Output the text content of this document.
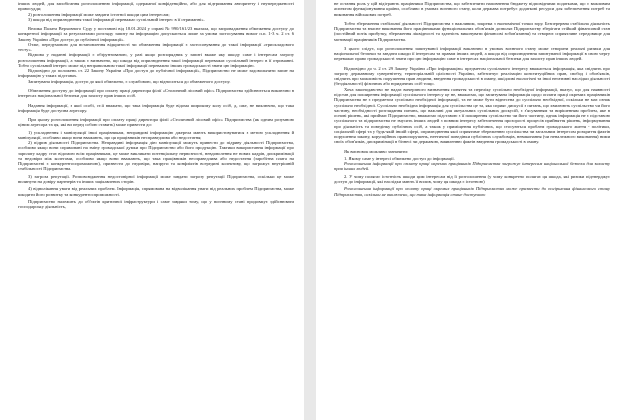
інших людей, для запобігання розголошенню інформації, одержаної конфіденційно, або для підтримання авторитету і неупередженості правосуддя;

2) розголошення інформації може завдати істотної шкоди цим інтересам;

3) шкода від оприлюднення такої інформації переважає суспільний інтерес в її отриманні».

Велика Палата Верховного Суду у постанові від 18.01.2024 у справі № 990/161/23 вказала, що запровадження обмеження доступу до конкретної інформації за результатами розгляду запиту на інформацію допускається лише за умови застосування вимог п.п. 1-3 ч. 2 ст. 6 Закону України «Про доступ до публічної інформації».

Отже, передумовою для встановлення відкритості чи обмеження інформації є застосовування до такої інформації «трискладового тесту».

Відмова у наданні інформації є обґрунтованою, у разі якщо розпорядник у запиті вкаже яку шкоду саме і інтересам загрозу розголошення інформації, а також є визначено, що шкода від оприлюднення такої інформації переважає суспільний інтерес в її отриманні. Тобто суспільний інтерес може під неправильним такої інформації переважно інших громадськості знати цю інформацію.

Відповідно до положень ст. 22 Закону України «Про доступ до публічної інформації», Підприємство не може задовольнити запит на інформацію у таких підставах.

Запитувана інформація, доступ до якої обмежено, є службовою, що відноситься до обмеженого доступу.

Обмеження доступу до інформації про оплату праці директора філії «Столичний лісовий офіс» Підприємства здійснюється виключно в інтересах національної безпеки для захисту прав інших осіб.

Надання інформації, з якої особі, ст.ії вважати, що така інформація буде відома широкому колу осіб, д, оже, не виключно, що така інформація буде доступна агресору.

При цьому розголошення інформації про оплату праці директора філії «Столичний лісовий офіс» Підприємства (як одним розумною ціним агресора та ця, які ви перед собою ставить) може привести до:

1) ускладнення і маніпуляції інші працівникам, неправдиві інформацію джерела мають використовуватися з метою ускладнення й маніпуляції, особливо якщо вони вважають, що ця працівників несправедлива або недостатня;

2) підрив діяльності Підприємства. Неправдиві інформація дію маніпуляції можуть привести до підриву діяльності Підприємства, особливо якщо вони спрямовані на зміну громадської думки про Підприємство або його продукцію. Тактики використання інформації про зарплату кадру стає відомою всім працівникам, це може викликати потенціальну нервозності, невдоволення не нових кадрів, дискримінації та недовіри між колегами, особливо якщо вони вважають, що така працівників несправедлива або недостатня (заробітна плата на Підприємстві є конкурентоспроможною), призвести до недовіри, напруги та конфліктів всередині колективу, що загрожує внутрішній стабільності Підприємства.

3) загроза репутації. Розповсюдження недостовірної інформації може завдати загрозу репутації Підприємства, оскільки це може вплинути на довіру партнерів та інших зацікавлених сторін.

4) відволікання уваги від реальних проблем. Інформація, спрямована на відволікання уваги від реальних проблем Підприємства, може шкодити його розвитку та конкурентоспроможності.

Підприємство належить до об'єктів критичної інфраструктури і саме завдяки тому, що у воєнному стані продовжує здійснювати господарську діяльність,

не остання роль у цій відіграють працівники Підприємства, що забезпечити наповнення бюджету відповідними податками, що є важливим аспектом функціонування країни, особливо в умовах воєнного стану, коли держава потребує додаткові ресурси для забезпечення потреб та виконання військових потреб.

Тобто збереження стабільної діяльності Підприємства є важливим, зокрема з економічної точки зору. Безперервна стабільна діяльність Підприємства та вчасне виконання його працівниками функціональних обов'язків дозволяє Підприємству зберігати стійкий фінансовий стан (постійний потік прибутку, збереження ліквідності та здатність виконувати фінансові зобов'язання) та створює сприятливе середовище для мотивації працівників Підприємства.

З цього слідує, що розголошення запитуваної інформації виключно в умовах воєнного стану може створити реальні ризики для національної безпеки та завдати шкоди її інтересам та правам інших людей, а шкода від оприлюднення запитуваної інформації в свою чергу переважає право громадськості знати про цю інформацію саме в інтересах національної безпеки для захисту прав інших людей.

Відповідно до ч. 2 ст. 29 Закону України «Про інформацію» предметом суспільного інтересу вважається інформація, яка свідчить про загрозу державному суверенітету, територіальній цілісності України, забезпечує реалізацію конституційних прав, свобод і обов'язків, свідчить про можливість порушення прав людини, введення громадськості в оману, шкідливі екологічні та інші негативні наслідки діяльності (бездіяльності) фізичних або юридичних осіб тощо.

Хоча законодавство не надає вичерпного визначення поняття та переліку суспільно необхідної інформації, вказує, що для наявності підстав для поширення інформації суспільного інтересу це не, вважаємо, що запитувана інформація щодо оплати праці окремих працівників Підприємства не є предметом суспільно необхідної інформації, та не може бути віднесена до суспільно необхідної, оскільки не має ознак суспільно необхідної. Суспільно необхідна інформація для суспільства це та, яка сприяє дискусії з питань, що хвилюють суспільство чи його частину, необхідності розглядання питань, що важливі для актуальних суспільних дискусій, є з'ясуванням та вирішенням проблем, яке в основі рішень, які приймає Підприємство, вважаємо підставою з її поширення суспільство чи його частину, однак інформація не є підставою суспільного та підприємства не змусить інших людей з повним інтересу забезпечення прозорості процесів прийняття рішень, інформування про діяльність та поведінку публічних осіб, а також у приміщення публічних, що стосуються проблем громадського життя - політики, соціальній сфері та у будь-якій іншій сфері, оприлюднення якої сприятиме збереженню суспільства чи загальним інтересом розкриття фактів порушення закону, корупційних правопорушень, неетичної поведінки публічних службовців, невиконання (чи неналежного виконання) ними своїх обов'язків, дискримінації в бізнесі чи державою, виявленню фактів введення громадськості в оману.

Як висновок можливо зазначити:

1. Якому саме у інтересі обмежено доступ до інформації.

Розголошення інформації про оплату праці окремих працівників Підприємства загрожує інтересам національної безпеки для захисту прав інших людей.

2. У чому полягає істотність шкоди цим інтересам від її розголошення (у чому конкретно полягає ця шкода, які ризики підтверджує доступ до інформації, які наслідки мають її вплив, чому ця шкода є істотною)

Розголошення інформації про оплату праці окремих працівників Підприємства може призвести до погіршення фінансового стану Підприємства, оскільки не виключено, що така інформація стане доступною
